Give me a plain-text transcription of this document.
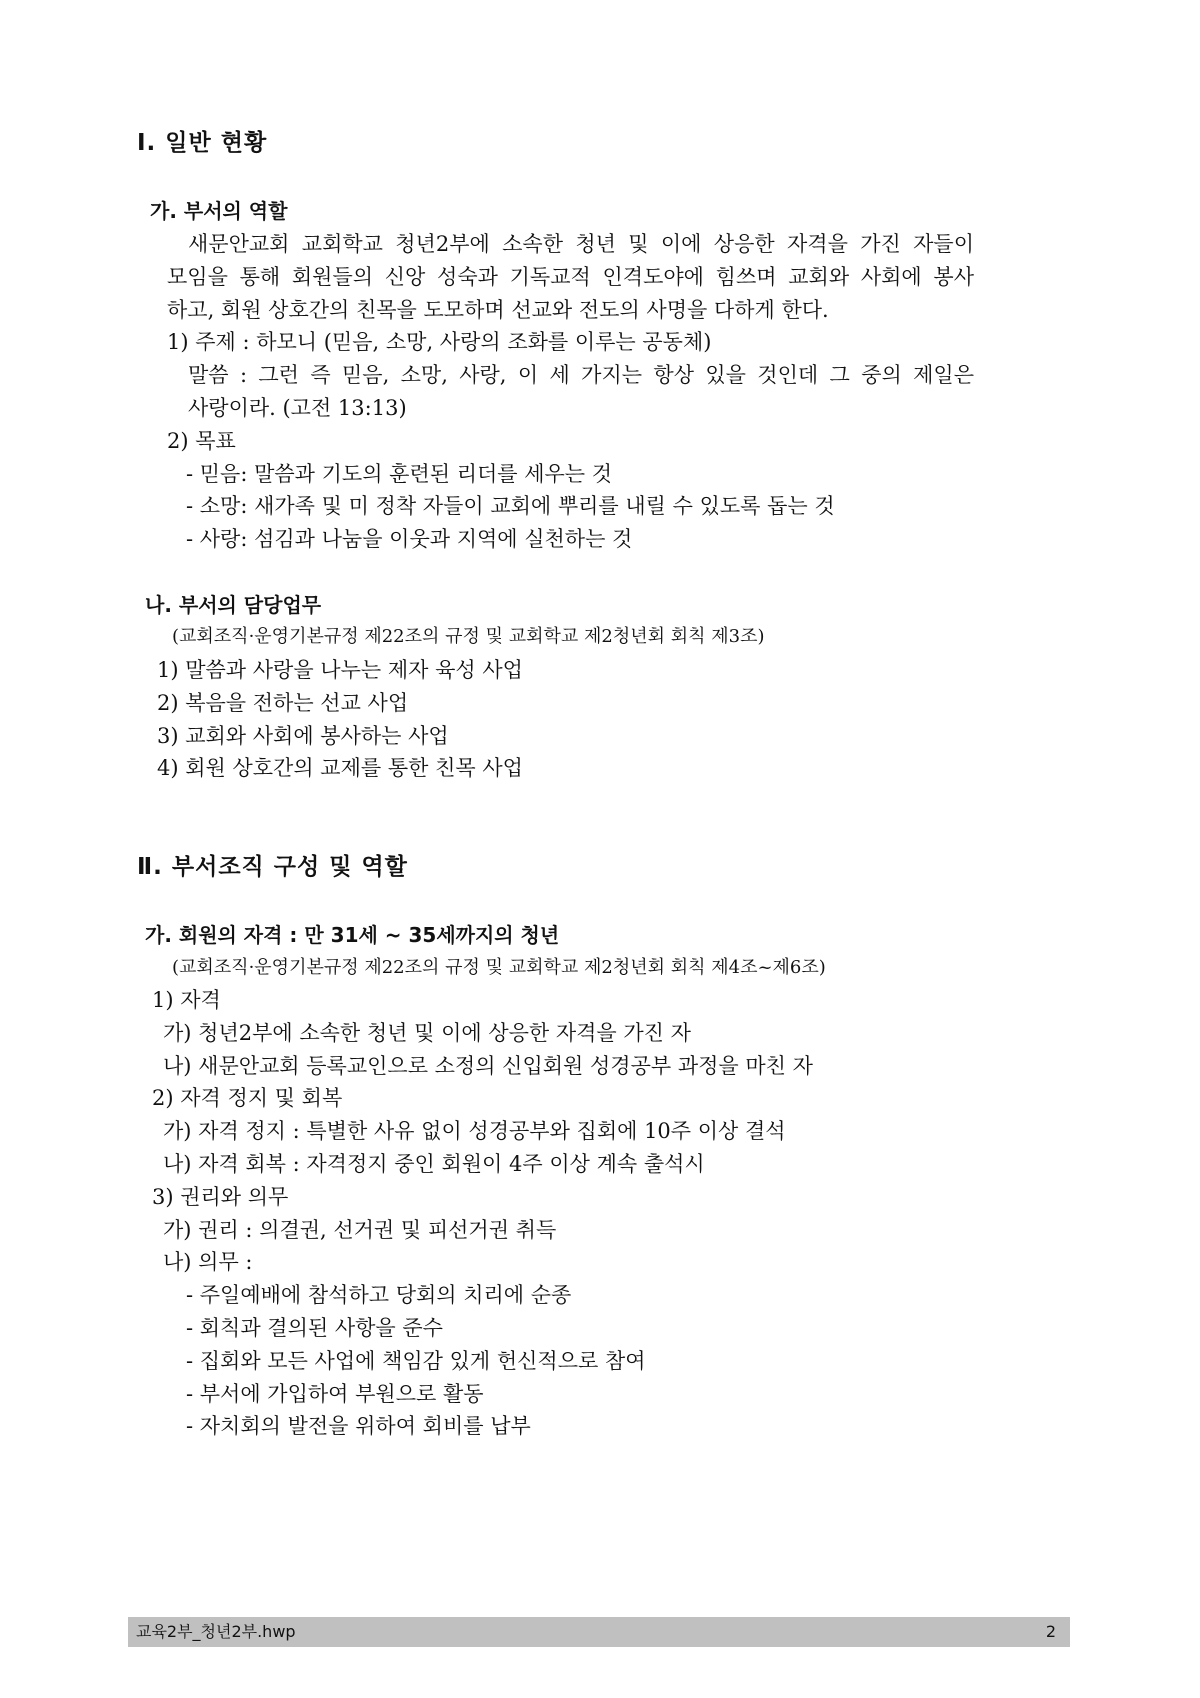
Ⅰ. 일반 현황
가. 부서의 역할
새문안교회 교회학교 청년2부에 소속한 청년 및 이에 상응한 자격을 가진 자들이
모임을 통해 회원들의 신앙 성숙과 기독교적 인격도야에 힘쓰며 교회와 사회에 봉사
하고, 회원 상호간의 친목을 도모하며 선교와 전도의 사명을 다하게 한다.
1) 주제 : 하모니 (믿음, 소망, 사랑의 조화를 이루는 공동체)
말씀 : 그런 즉 믿음, 소망, 사랑, 이 세 가지는 항상 있을 것인데 그 중의 제일은
사랑이라. (고전 13:13)
2) 목표
- 믿음: 말씀과 기도의 훈련된 리더를 세우는 것
- 소망: 새가족 및 미 정착 자들이 교회에 뿌리를 내릴 수 있도록 돕는 것
- 사랑: 섬김과 나눔을 이웃과 지역에 실천하는 것
나. 부서의 담당업무
(교회조직·운영기본규정 제22조의 규정 및 교회학교 제2청년회 회칙 제3조)
1) 말씀과 사랑을 나누는 제자 육성 사업
2) 복음을 전하는 선교 사업
3) 교회와 사회에 봉사하는 사업
4) 회원 상호간의 교제를 통한 친목 사업
Ⅱ. 부서조직 구성 및 역할
가. 회원의 자격 : 만 31세 ~ 35세까지의 청년
(교회조직·운영기본규정 제22조의 규정 및 교회학교 제2청년회 회칙 제4조~제6조)
1) 자격
가) 청년2부에 소속한 청년 및 이에 상응한 자격을 가진 자
나) 새문안교회 등록교인으로 소정의 신입회원 성경공부 과정을 마친 자
2) 자격 정지 및 회복
가) 자격 정지 : 특별한 사유 없이 성경공부와 집회에 10주 이상 결석
나) 자격 회복 : 자격정지 중인 회원이 4주 이상 계속 출석시
3) 권리와 의무
가) 권리 : 의결권, 선거권 및 피선거권 취득
나) 의무 :
- 주일예배에 참석하고 당회의 치리에 순종
- 회칙과 결의된 사항을 준수
- 집회와 모든 사업에 책임감 있게 헌신적으로 참여
- 부서에 가입하여 부원으로 활동
- 자치회의 발전을 위하여 회비를 납부
교육2부_청년2부.hwp	2
